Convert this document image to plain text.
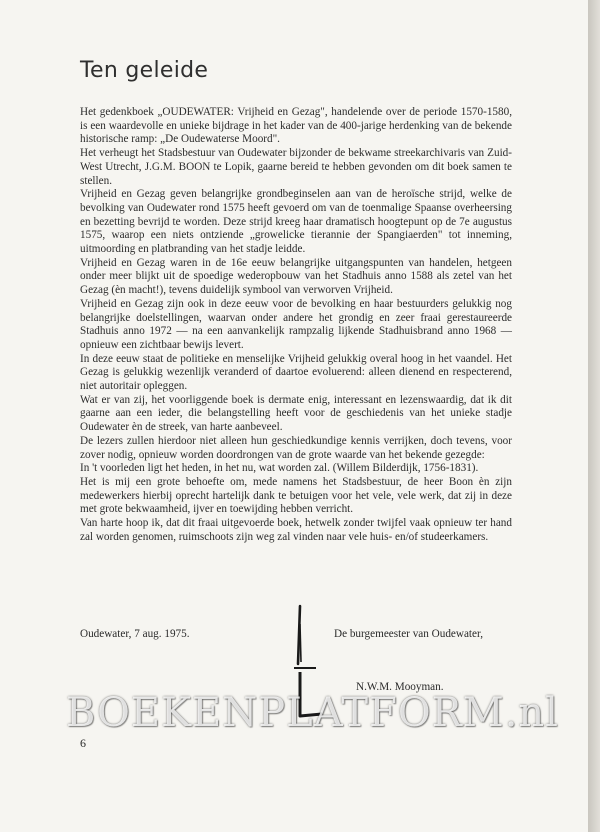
Ten geleide

Het gedenkboek „OUDEWATER: Vrijheid en Gezag", handelende over de periode 1570-1580, is een waardevolle en unieke bijdrage in het kader van de 400-jarige herdenking van de bekende historische ramp: „De Oudewaterse Moord".

Het verheugt het Stadsbestuur van Oudewater bijzonder de bekwame streekarchivaris van Zuid-West Utrecht, J.G.M. BOON te Lopik, gaarne bereid te hebben gevonden om dit boek samen te stellen.

Vrijheid en Gezag geven belangrijke grondbeginselen aan van de heroïsche strijd, welke de bevolking van Oudewater rond 1575 heeft gevoerd om van de toenmalige Spaanse overheersing en bezetting bevrijd te worden. Deze strijd kreeg haar dramatisch hoogtepunt op de 7e augustus 1575, waarop een niets ontziende „growelicke tierannie der Spangiaerden" tot inneming, uitmoording en platbranding van het stadje leidde.

Vrijheid en Gezag waren in de 16e eeuw belangrijke uitgangspunten van handelen, hetgeen onder meer blijkt uit de spoedige wederopbouw van het Stadhuis anno 1588 als zetel van het Gezag (èn macht!), tevens duidelijk symbool van verworven Vrijheid.

Vrijheid en Gezag zijn ook in deze eeuw voor de bevolking en haar bestuurders gelukkig nog belangrijke doelstellingen, waarvan onder andere het grondig en zeer fraai gerestaureerde Stadhuis anno 1972 — na een aanvankelijk rampzalig lijkende Stadhuisbrand anno 1968 — opnieuw een zichtbaar bewijs levert.

In deze eeuw staat de politieke en menselijke Vrijheid gelukkig overal hoog in het vaandel. Het Gezag is gelukkig wezenlijk veranderd of daartoe evoluerend: alleen dienend en respecterend, niet autoritair opleggen.

Wat er van zij, het voorliggende boek is dermate enig, interessant en lezenswaardig, dat ik dit gaarne aan een ieder, die belangstelling heeft voor de geschiedenis van het unieke stadje Oudewater èn de streek, van harte aanbeveel.

De lezers zullen hierdoor niet alleen hun geschiedkundige kennis verrijken, doch tevens, voor zover nodig, opnieuw worden doordrongen van de grote waarde van het bekende gezegde:

In 't voorleden ligt het heden, in het nu, wat worden zal. (Willem Bilderdijk, 1756-1831).

Het is mij een grote behoefte om, mede namens het Stadsbestuur, de heer Boon èn zijn medewerkers hierbij oprecht hartelijk dank te betuigen voor het vele, vele werk, dat zij in deze met grote bekwaamheid, ijver en toewijding hebben verricht.

Van harte hoop ik, dat dit fraai uitgevoerde boek, hetwelk zonder twijfel vaak opnieuw ter hand zal worden genomen, ruimschoots zijn weg zal vinden naar vele huis- en/of studeerkamers.

Oudewater, 7 aug. 1975.	De burgemeester van Oudewater,
N.W.M. Mooyman.
BOEKENPLATFORM.nl
6
